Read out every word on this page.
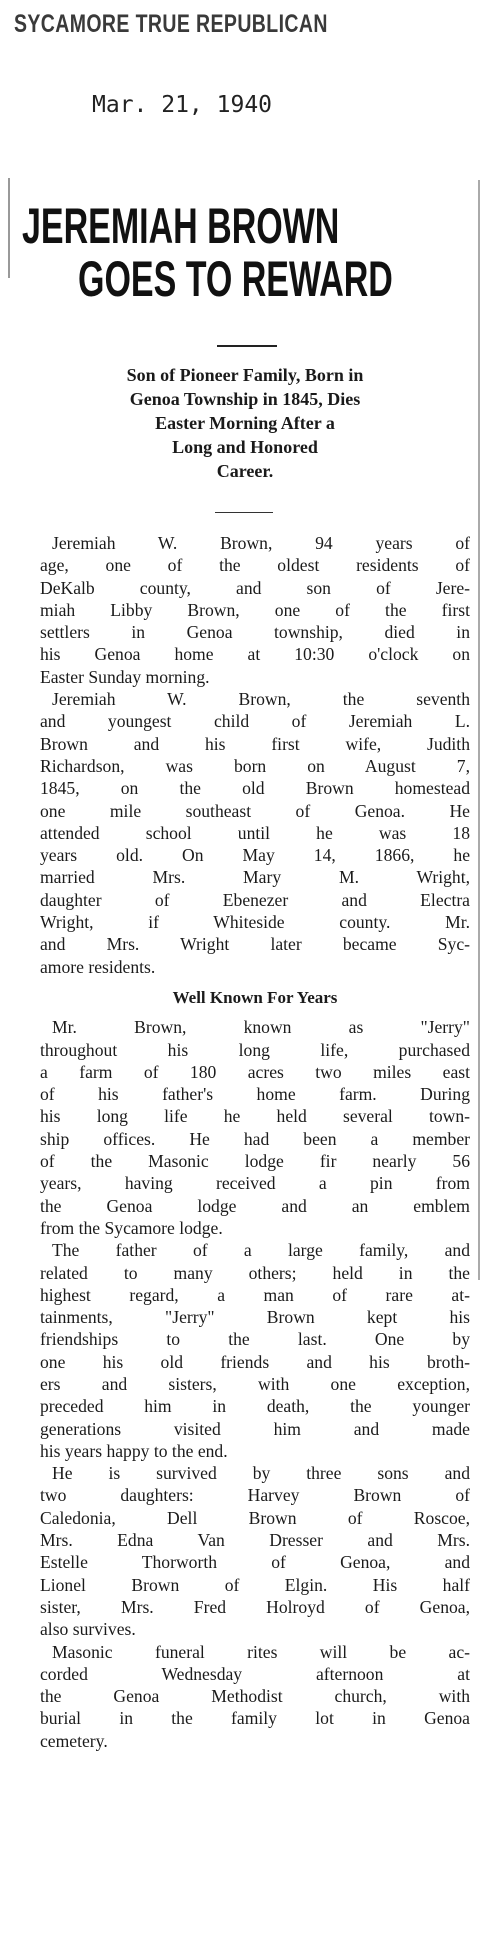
SYCAMORE TRUE REPUBLICAN
Mar. 21, 1940
JEREMIAH BROWN
GOES TO REWARD
Son of Pioneer Family, Born in
Genoa Township in 1845, Dies
Easter Morning After a
Long and Honored
Career.
Jeremiah W. Brown, 94 years of
age, one of the oldest residents of
DeKalb county, and son of Jere-
miah Libby Brown, one of the first
settlers in Genoa township, died in
his Genoa home at 10:30 o'clock on
Easter Sunday morning.
Jeremiah W. Brown, the seventh
and youngest child of Jeremiah L.
Brown and his first wife, Judith
Richardson, was born on August 7,
1845, on the old Brown homestead
one mile southeast of Genoa. He
attended school until he was 18
years old. On May 14, 1866, he
married Mrs. Mary M. Wright,
daughter of Ebenezer and Electra
Wright, if Whiteside county. Mr.
and Mrs. Wright later became Syc-
amore residents.
Well Known For Years
Mr. Brown, known as "Jerry"
throughout his long life, purchased
a farm of 180 acres two miles east
of his father's home farm. During
his long life he held several town-
ship offices. He had been a member
of the Masonic lodge fir nearly 56
years, having received a pin from
the Genoa lodge and an emblem
from the Sycamore lodge.
The father of a large family, and
related to many others; held in the
highest regard, a man of rare at-
tainments, "Jerry" Brown kept his
friendships to the last. One by
one his old friends and his broth-
ers and sisters, with one exception,
preceded him in death, the younger
generations visited him and made
his years happy to the end.
He is survived by three sons and
two daughters: Harvey Brown of
Caledonia, Dell Brown of Roscoe,
Mrs. Edna Van Dresser and Mrs.
Estelle Thorworth of Genoa, and
Lionel Brown of Elgin. His half
sister, Mrs. Fred Holroyd of Genoa,
also survives.
Masonic funeral rites will be ac-
corded Wednesday afternoon at
the Genoa Methodist church, with
burial in the family lot in Genoa
cemetery.
